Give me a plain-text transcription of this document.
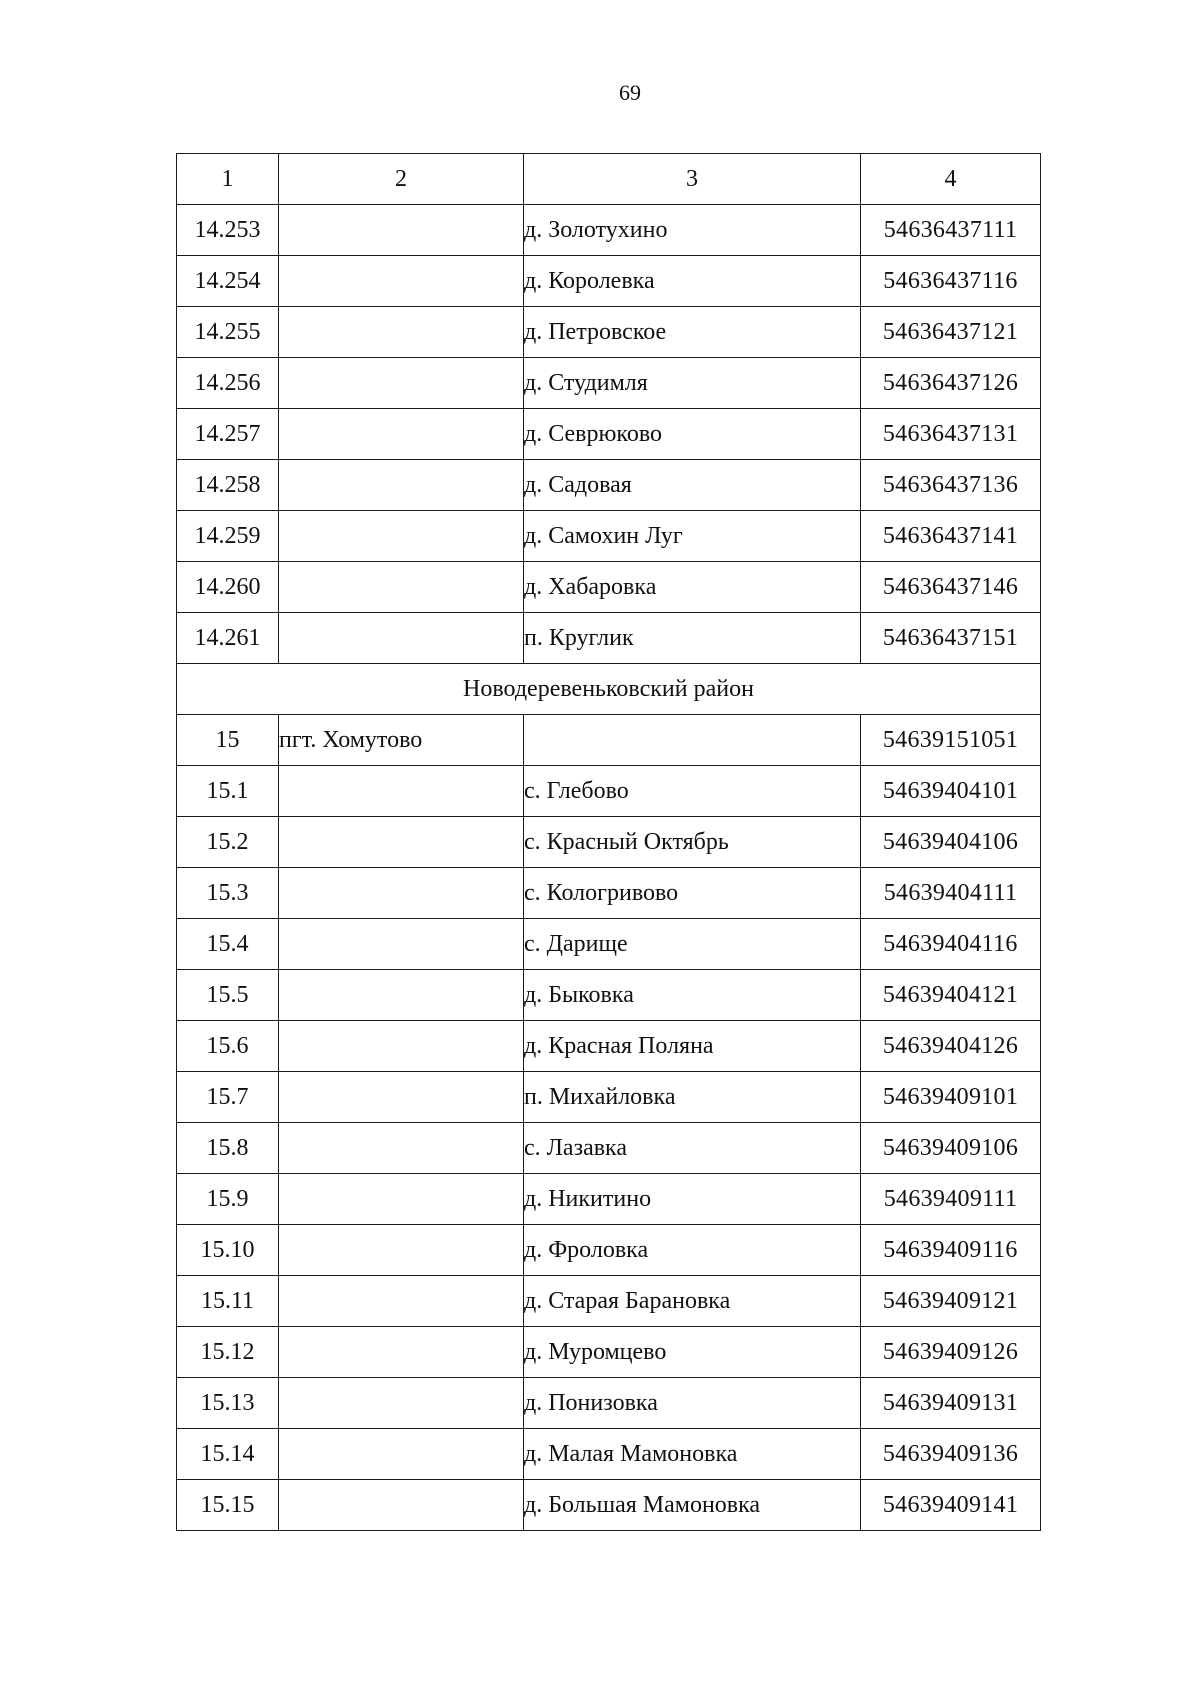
69
1	2	3	4
14.253		д. Золотухино	54636437111
14.254		д. Королевка	54636437116
14.255		д. Петровское	54636437121
14.256		д. Студимля	54636437126
14.257		д. Севрюково	54636437131
14.258		д. Садовая	54636437136
14.259		д. Самохин Луг	54636437141
14.260		д. Хабаровка	54636437146
14.261		п. Круглик	54636437151
Новодеревеньковский район			
15	пгт. Хомутово		54639151051
15.1		с. Глебово	54639404101
15.2		с. Красный Октябрь	54639404106
15.3		с. Кологривово	54639404111
15.4		с. Дарище	54639404116
15.5		д. Быковка	54639404121
15.6		д. Красная Поляна	54639404126
15.7		п. Михайловка	54639409101
15.8		с. Лазавка	54639409106
15.9		д. Никитино	54639409111
15.10		д. Фроловка	54639409116
15.11		д. Старая Барановка	54639409121
15.12		д. Муромцево	54639409126
15.13		д. Понизовка	54639409131
15.14		д. Малая Мамоновка	54639409136
15.15		д. Большая Мамоновка	54639409141
